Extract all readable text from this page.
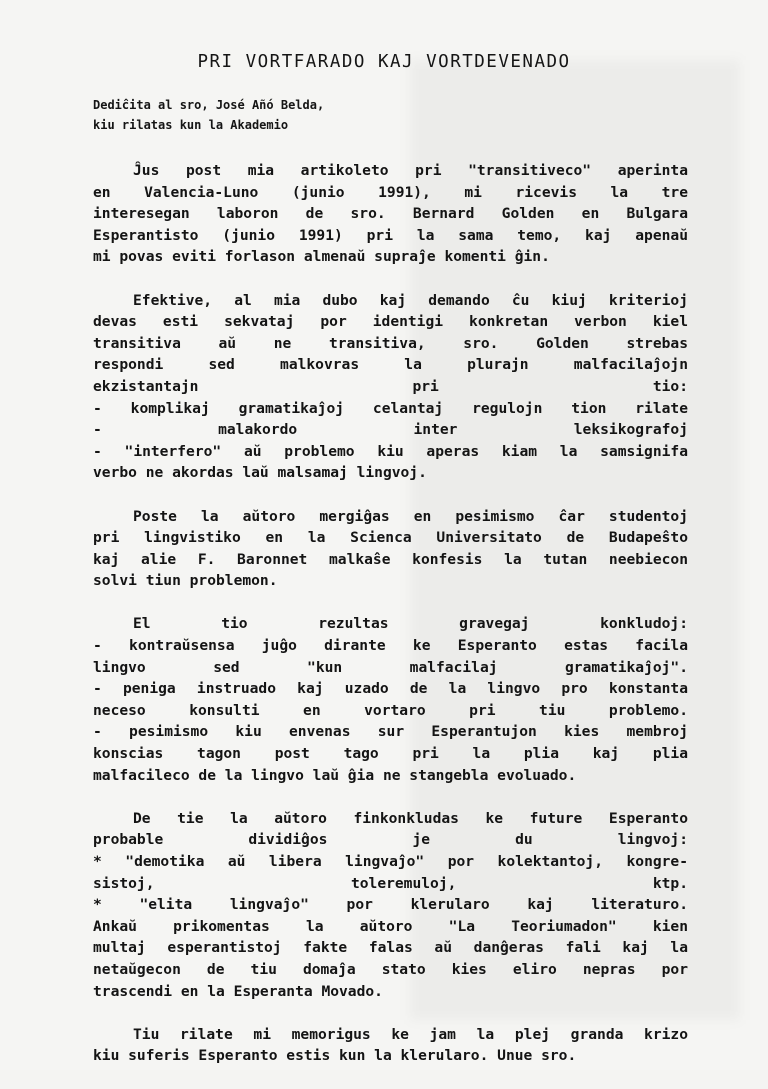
PRI VORTFARADO KAJ VORTDEVENADO
Dediĉita al sro, José Añó Belda,
kiu rilatas kun la Akademio
Ĵus post mia artikoleto pri "transitiveco" aperinta
en Valencia-Luno (junio 1991), mi ricevis la tre
interesegan laboron de sro. Bernard Golden en Bulgara
Esperantisto (junio 1991) pri la sama temo, kaj apenaŭ
mi povas eviti forlason almenaŭ supraĵe komenti ĝin.
Efektive, al mia dubo kaj demando ĉu kiuj kriterioj
devas esti sekvataj por identigi konkretan verbon kiel
transitiva aŭ ne transitiva, sro. Golden strebas
respondi sed malkovras la plurajn malfacilaĵojn
ekzistantajn pri tio:
- komplikaj gramatikaĵoj celantaj regulojn tion rilate
- malakordo inter leksikografoj
- "interfero" aŭ problemo kiu aperas kiam la samsignifa
verbo ne akordas laŭ malsamaj lingvoj.
Poste la aŭtoro mergiĝas en pesimismo ĉar studentoj
pri lingvistiko en la Scienca Universitato de Budapeŝto
kaj alie F. Baronnet malkaŝe konfesis la tutan neebiecon
solvi tiun problemon.
El tio rezultas gravegaj konkludoj:
- kontraŭsensa juĝo dirante ke Esperanto estas facila
lingvo sed "kun malfacilaj gramatikaĵoj".
- peniga instruado kaj uzado de la lingvo pro konstanta
neceso konsulti en vortaro pri tiu problemo.
- pesimismo kiu envenas sur Esperantujon kies membroj
konscias tagon post tago pri la plia kaj plia
malfacileco de la lingvo laŭ ĝia ne stangebla evoluado.
De tie la aŭtoro finkonkludas ke future Esperanto
probable dividiĝos je du lingvoj:
* "demotika aŭ libera lingvaĵo" por kolektantoj, kongre-
sistoj, toleremuloj, ktp.
* "elita lingvaĵo" por klerularo kaj literaturo.
Ankaŭ prikomentas la aŭtoro "La Teoriumadon" kien
multaj esperantistoj fakte falas aŭ danĝeras fali kaj la
netaŭgecon de tiu domaĵa stato kies eliro nepras por
trascendi en la Esperanta Movado.
Tiu rilate mi memorigus ke jam la plej granda krizo
kiu suferis Esperanto estis kun la klerularo. Unue sro.
